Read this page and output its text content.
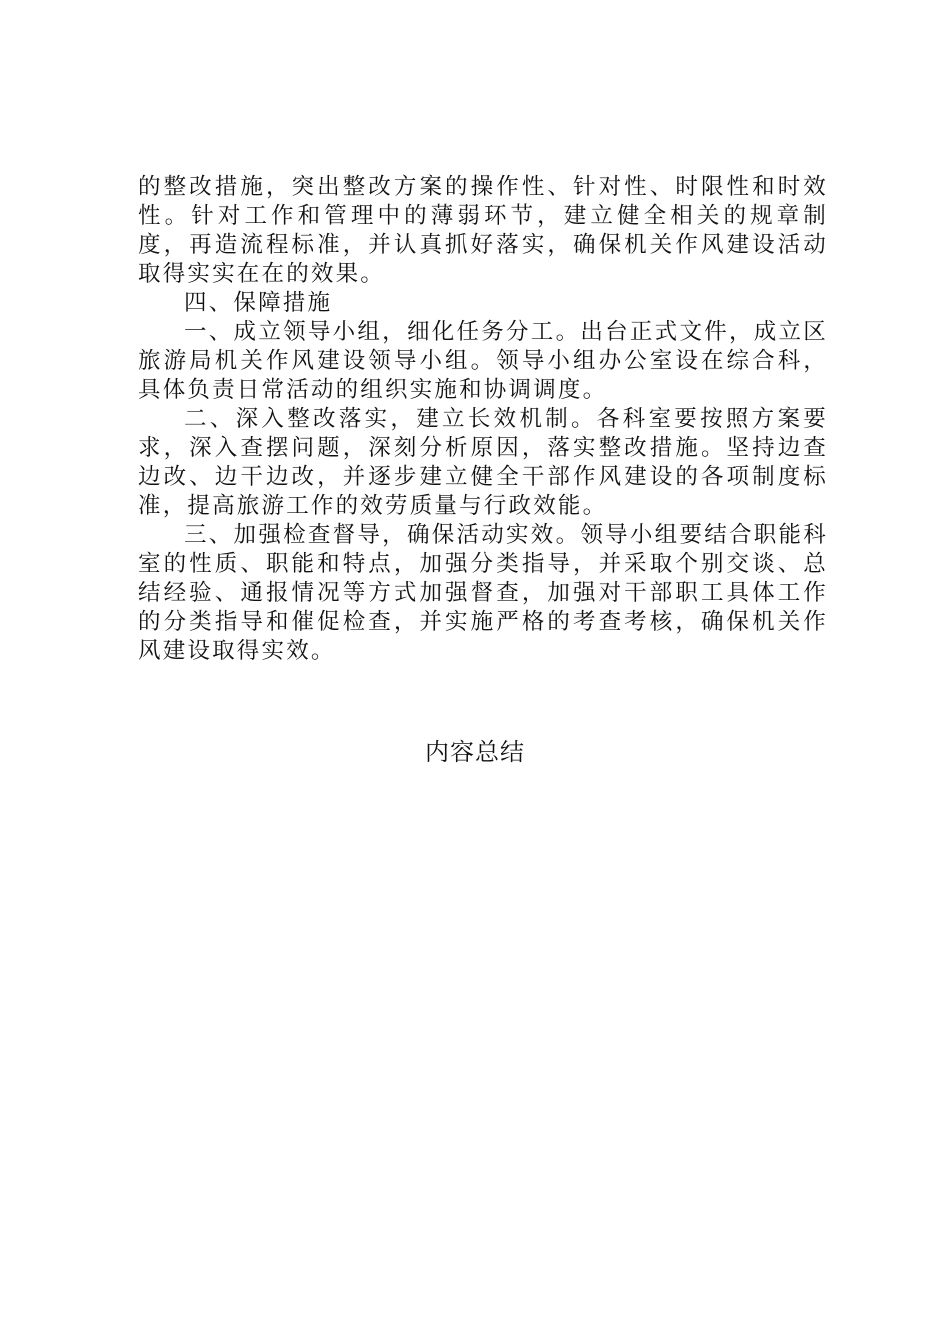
的整改措施，突出整改方案的操作性、针对性、时限性和时效性。针对工作和管理中的薄弱环节，建立健全相关的规章制度，再造流程标准，并认真抓好落实，确保机关作风建设活动取得实实在在的效果。

四、保障措施

一、成立领导小组，细化任务分工。出台正式文件，成立区旅游局机关作风建设领导小组。领导小组办公室设在综合科，具体负责日常活动的组织实施和协调调度。

二、深入整改落实，建立长效机制。各科室要按照方案要求，深入查摆问题，深刻分析原因，落实整改措施。坚持边查边改、边干边改，并逐步建立健全干部作风建设的各项制度标准，提高旅游工作的效劳质量与行政效能。

三、加强检查督导，确保活动实效。领导小组要结合职能科室的性质、职能和特点，加强分类指导，并采取个别交谈、总结经验、通报情况等方式加强督查，加强对干部职工具体工作的分类指导和催促检查，并实施严格的考查考核，确保机关作风建设取得实效。

内容总结
